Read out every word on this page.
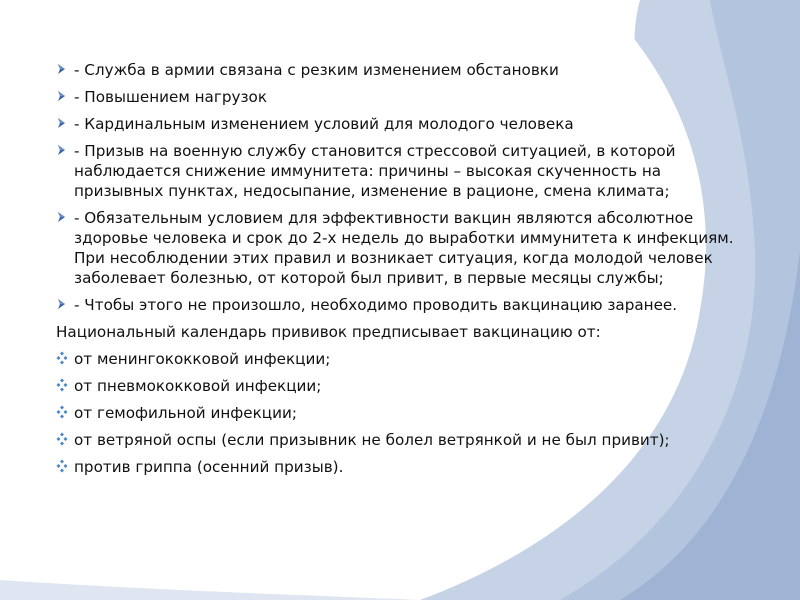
- Служба в армии связана с резким изменением обстановки
- Повышением нагрузок
- Кардинальным изменением условий для молодого человека
- Призыв на военную службу становится стрессовой ситуацией, в которой наблюдается снижение иммунитета: причины – высокая скученность на призывных пунктах, недосыпание, изменение в рационе, смена климата;
- Обязательным условием для эффективности вакцин являются абсолютное здоровье человека и срок до 2-х недель до выработки иммунитета к инфекциям. При несоблюдении этих правил и возникает ситуация, когда молодой человек заболевает болезнью, от которой был привит, в первые месяцы службы;
- Чтобы этого не произошло, необходимо проводить вакцинацию заранее.
Национальный календарь прививок предписывает вакцинацию от:
от менингококковой инфекции;
от пневмококковой инфекции;
от гемофильной инфекции;
от ветряной оспы (если призывник не болел ветрянкой и не был привит);
против гриппа (осенний призыв).
